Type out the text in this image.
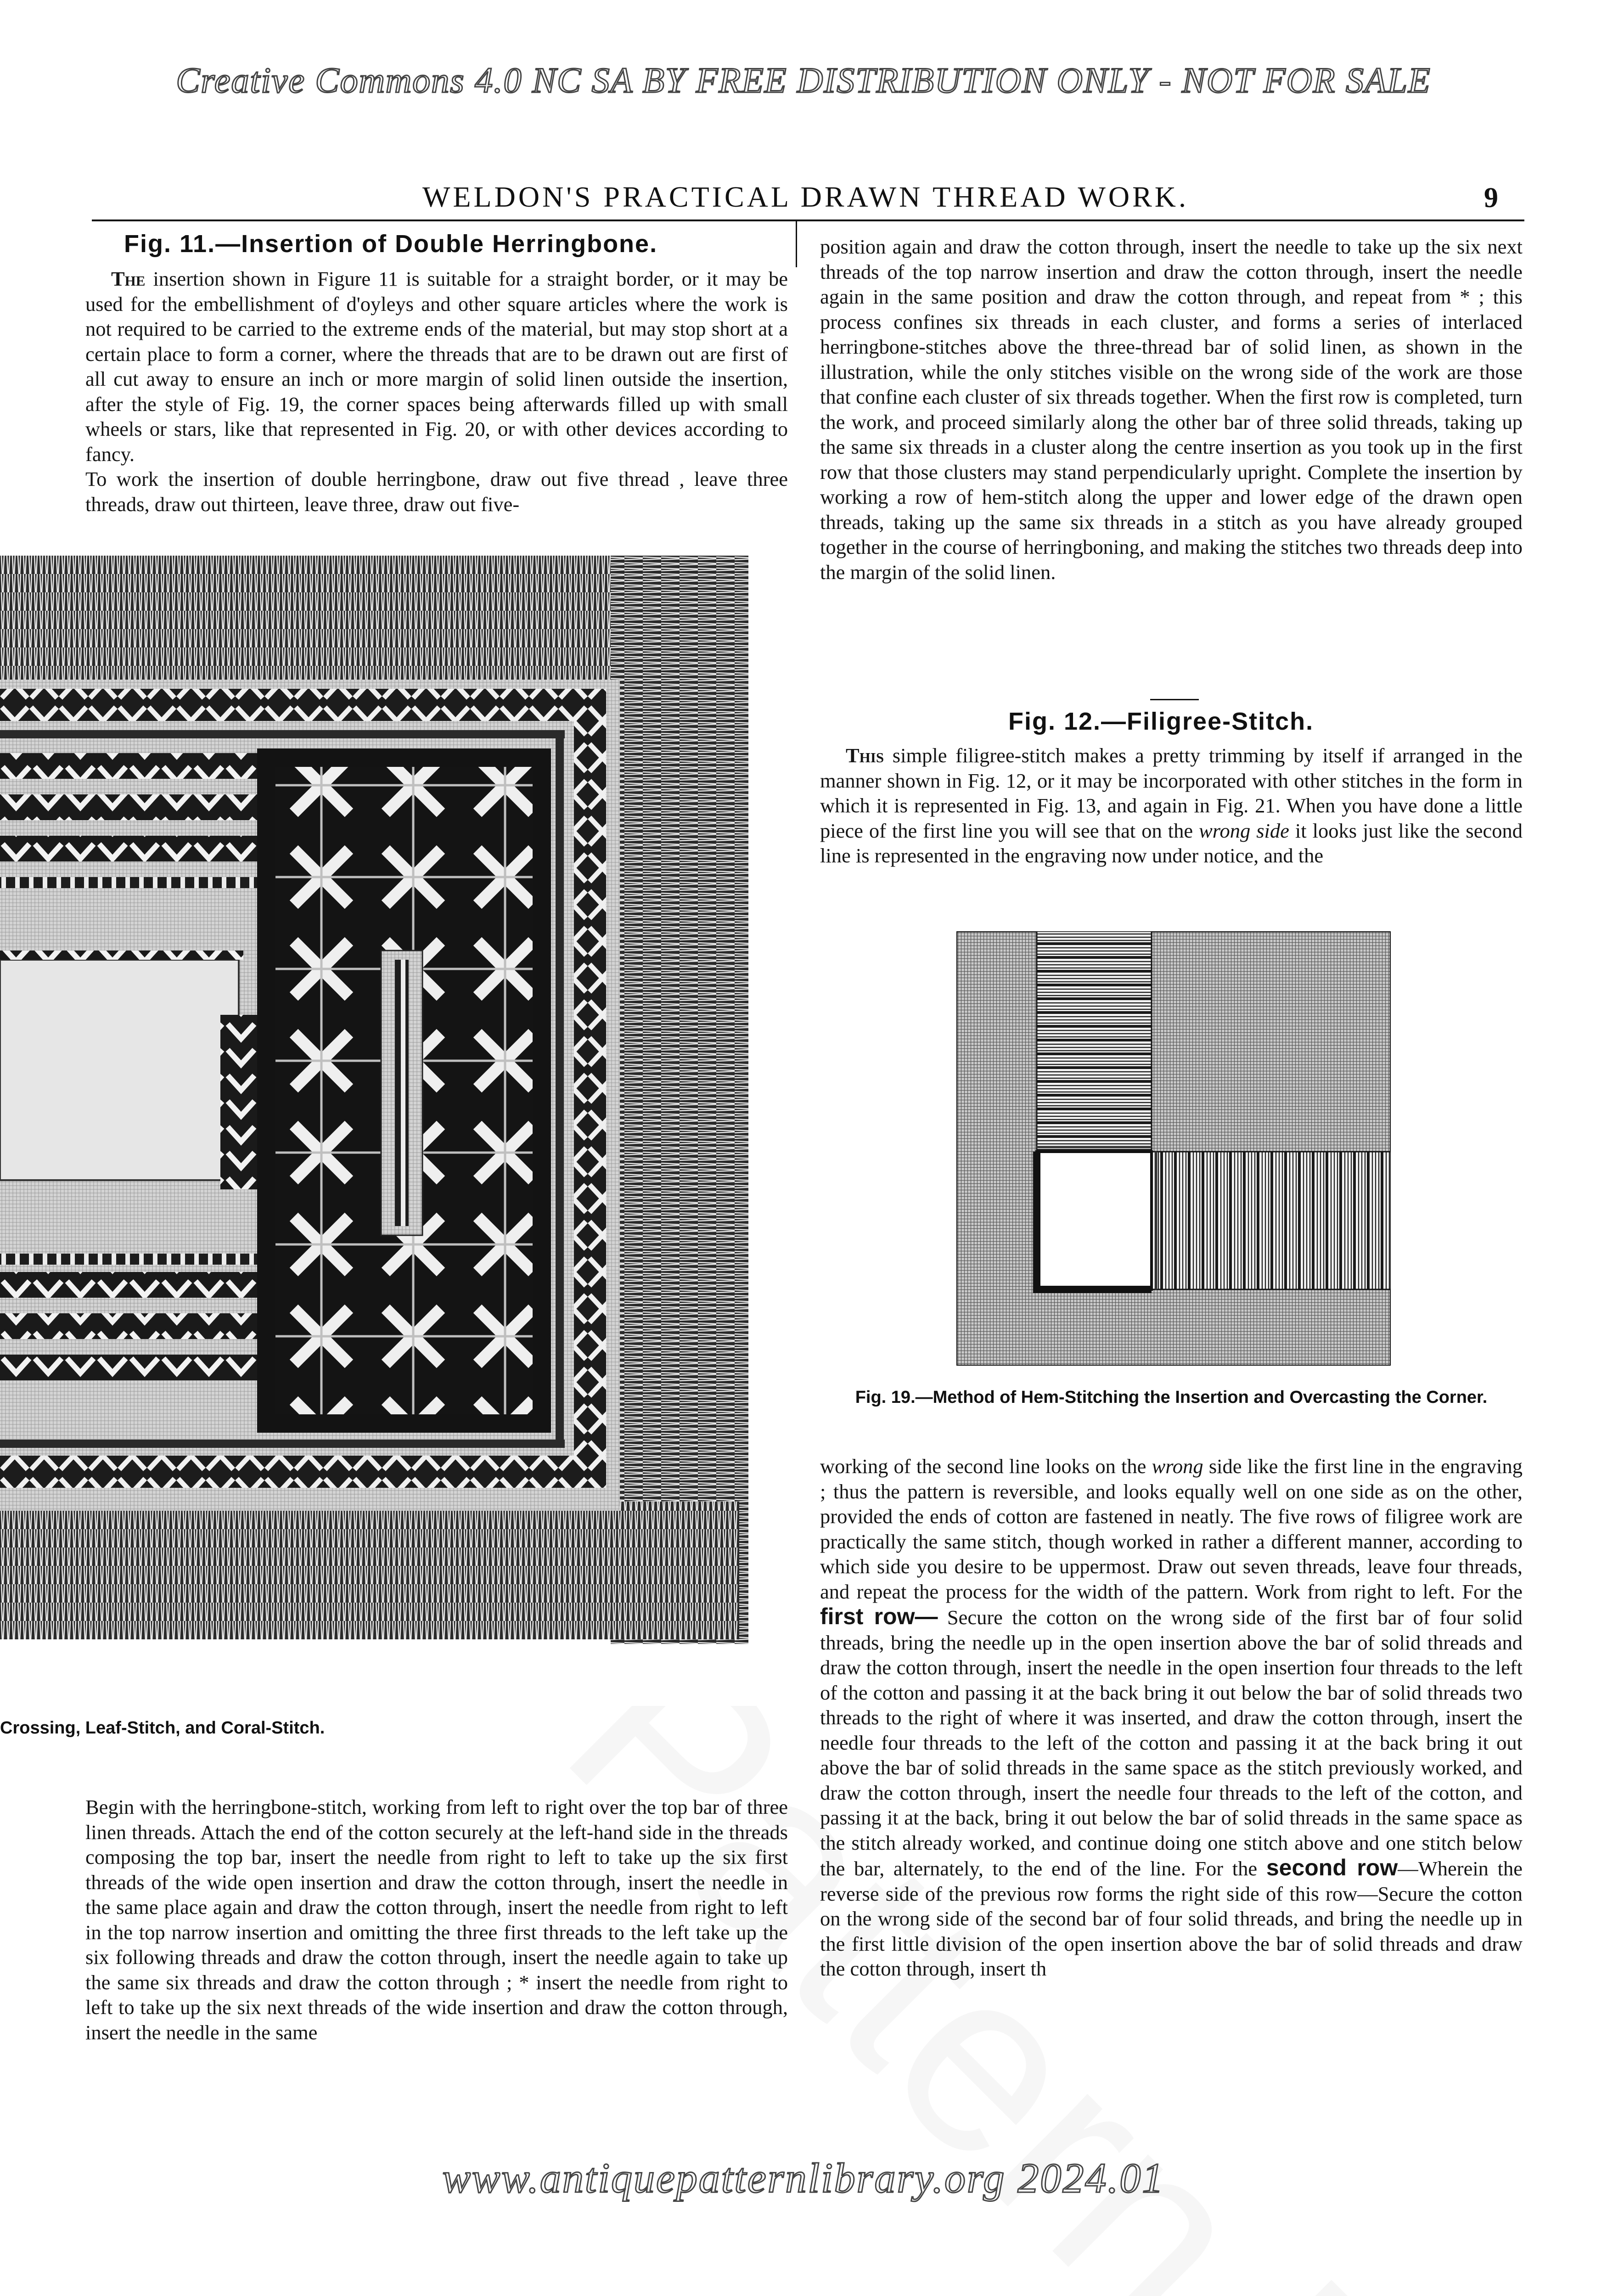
Creative Commons 4.0 NC SA BY FREE DISTRIBUTION ONLY - NOT FOR SALE
WELDON'S PRACTICAL DRAWN THREAD WORK.	9
Fig. 11.—Insertion of Double Herringbone.

The insertion shown in Figure 11 is suitable for a straight border, or it may be used for the embellishment of d'oyleys and other square articles where the work is not required to be carried to the extreme ends of the material, but may stop short at a certain place to form a corner, where the threads that are to be drawn out are first of all cut away to ensure an inch or more margin of solid linen outside the insertion, after the style of Fig. 19, the corner spaces being afterwards filled up with small wheels or stars, like that represented in Fig. 20, or with other devices according to fancy.

To work the insertion of double herringbone, draw out five thread , leave three threads, draw out thirteen, leave three, draw out five-

Crossing, Leaf-Stitch, and Coral-Stitch.

Begin with the herringbone-stitch, working from left to right over the top bar of three linen threads. Attach the end of the cotton securely at the left-hand side in the threads composing the top bar, insert the needle from right to left to take up the six first threads of the wide open insertion and draw the cotton through, insert the needle in the same place again and draw the cotton through, insert the needle from right to left in the top narrow insertion and omitting the three first threads to the left take up the six following threads and draw the cotton through, insert the needle again to take up the same six threads and draw the cotton through ; * insert the needle from right to left to take up the six next threads of the wide insertion and draw the cotton through, insert the needle in the same

position again and draw the cotton through, insert the needle to take up the six next threads of the top narrow insertion and draw the cotton through, insert the needle again in the same position and draw the cotton through, and repeat from * ; this process confines six threads in each cluster, and forms a series of interlaced herringbone-stitches above the three-thread bar of solid linen, as shown in the illustration, while the only stitches visible on the wrong side of the work are those that confine each cluster of six threads together. When the first row is completed, turn the work, and proceed similarly along the other bar of three solid threads, taking up the same six threads in a cluster along the centre insertion as you took up in the first row that those clusters may stand perpendicularly upright. Complete the insertion by working a row of hem-stitch along the upper and lower edge of the drawn open threads, taking up the same six threads in a stitch as you have already grouped together in the course of herringboning, and making the stitches two threads deep into the margin of the solid linen.

Fig. 12.—Filigree-Stitch.

This simple filigree-stitch makes a pretty trimming by itself if arranged in the manner shown in Fig. 12, or it may be incorporated with other stitches in the form in which it is represented in Fig. 13, and again in Fig. 21. When you have done a little piece of the first line you will see that on the wrong side it looks just like the second line is represented in the engraving now under notice, and the

Fig. 19.—Method of Hem-Stitching the Insertion and Overcasting the Corner.

working of the second line looks on the wrong side like the first line in the engraving ; thus the pattern is reversible, and looks equally well on one side as on the other, provided the ends of cotton are fastened in neatly. The five rows of filigree work are practically the same stitch, though worked in rather a different manner, according to which side you desire to be uppermost. Draw out seven threads, leave four threads, and repeat the process for the width of the pattern. Work from right to left. For the first row— Secure the cotton on the wrong side of the first bar of four solid threads, bring the needle up in the open insertion above the bar of solid threads and draw the cotton through, insert the needle in the open insertion four threads to the left of the cotton and passing it at the back bring it out below the bar of solid threads two threads to the right of where it was inserted, and draw the cotton through, insert the needle four threads to the left of the cotton and passing it at the back bring it out above the bar of solid threads in the same space as the stitch previously worked, and draw the cotton through, insert the needle four threads to the left of the cotton, and passing it at the back, bring it out below the bar of solid threads in the same space as the stitch already worked, and continue doing one stitch above and one stitch below the bar, alternately, to the end of the line. For the second row—Wherein the reverse side of the previous row forms the right side of this row—Secure the cotton on the wrong side of the second bar of four solid threads, and bring the needle up in the first little division of the open insertion above the bar of solid threads and draw the cotton through, insert th

www.antiquepatternlibrary.org 2024.01
